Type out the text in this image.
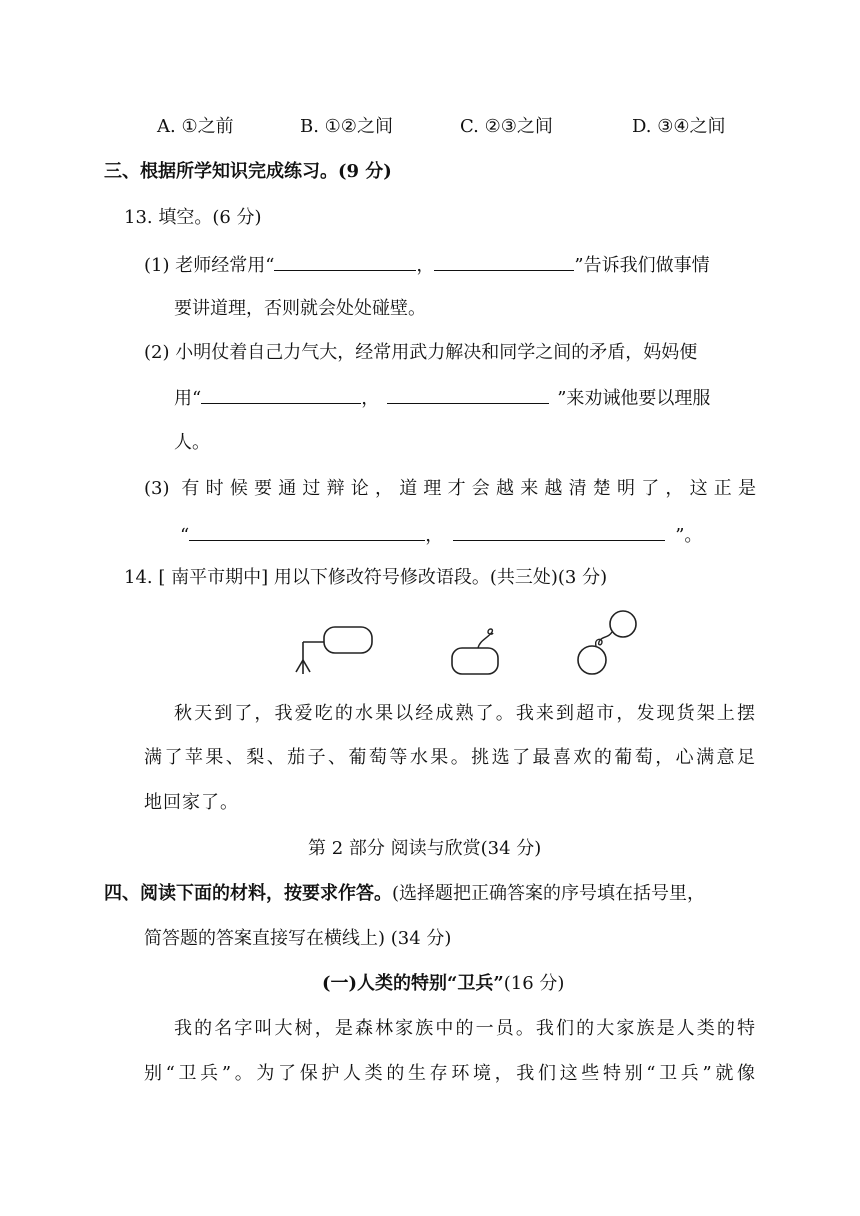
A. ①之前	B. ①②之间	C. ②③之间	D. ③④之间
三、根据所学知识完成练习。(9 分)
13. 填空。(6 分)
(1) 老师经常用“	，	”告诉我们做事情
要讲道理，否则就会处处碰壁。
(2) 小明仗着自己力气大，经常用武力解决和同学之间的矛盾，妈妈便
用“	，	”来劝诫他要以理服
人。
(3) 有时候要通过辩论，道理才会越来越清楚明了，这正是
“	，	”。
14. [ 南平市期中] 用以下修改符号修改语段。(共三处)(3 分)
秋天到了，我爱吃的水果以经成熟了。我来到超市，发现货架上摆
满了苹果、梨、茄子、葡萄等水果。挑选了最喜欢的葡萄，心满意足
地回家了。
第 2 部分 阅读与欣赏(34 分)
四、阅读下面的材料，按要求作答。(选择题把正确答案的序号填在括号里，
简答题的答案直接写在横线上) (34 分)
(一)人类的特别“卫兵”(16 分)
我的名字叫大树，是森林家族中的一员。我们的大家族是人类的特
别“卫兵”。为了保护人类的生存环境，我们这些特别“卫兵”就像
